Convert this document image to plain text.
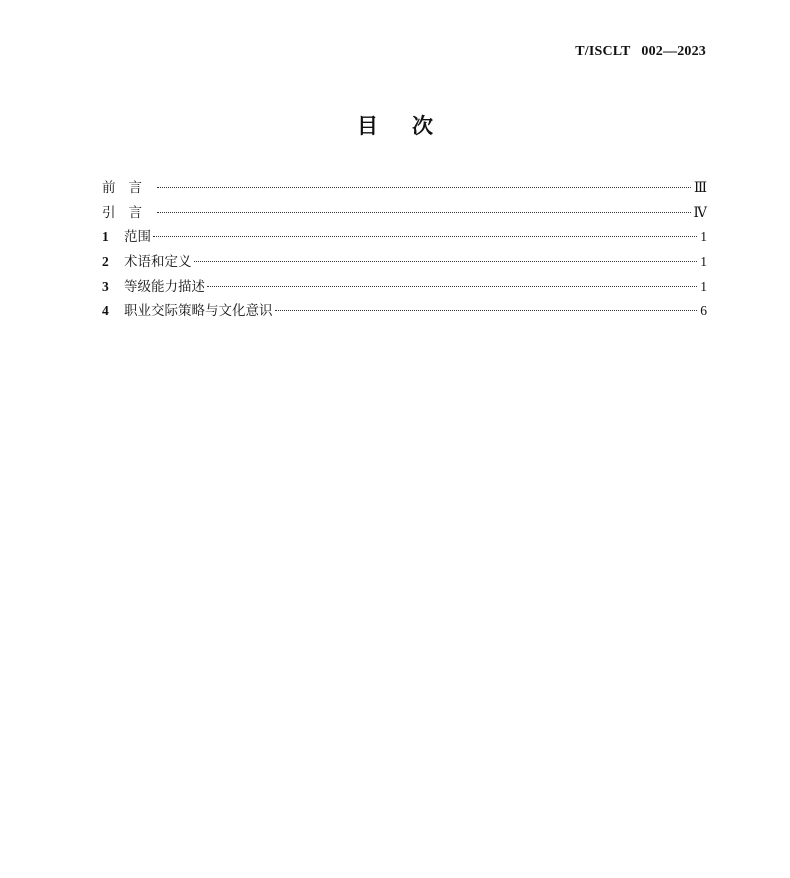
T/ISCLT   002—2023
目次
前言	Ⅲ
引言	Ⅳ
1	范围	1
2	术语和定义	1
3	等级能力描述	1
4	职业交际策略与文化意识	6
